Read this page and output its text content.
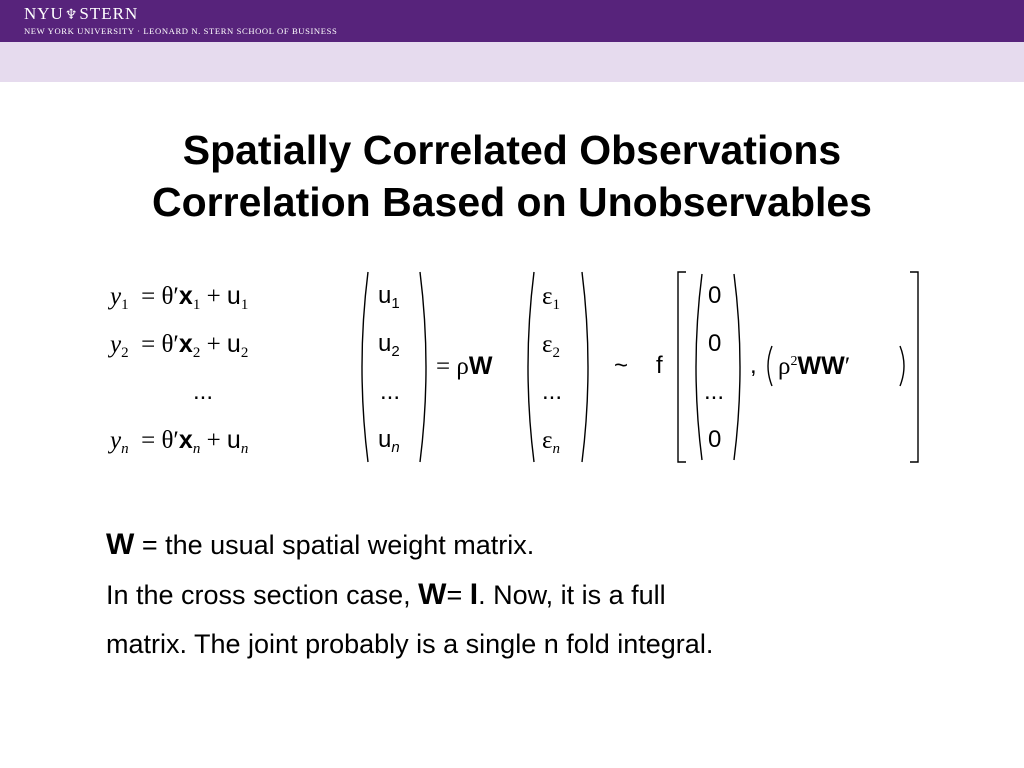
NYU♆STERN
NEW YORK UNIVERSITY · LEONARD N. STERN SCHOOL OF BUSINESS
Spatially Correlated Observations
Correlation Based on Unobservables
$y_1 = \theta'x_1 + u_1$
$y_2 = \theta'x_2 + u_2$
...
$y_n = \theta'x_n + u_n$
$u_1$
$u_2$
...
$u_n$
= ρW
$\varepsilon_1$
$\varepsilon_2$
...
$\varepsilon_n$
~ f
0
0
...
0
, $\rho^2WW'$
W = the usual spatial weight matrix.
In the cross section case, W= I. Now, it is a full
matrix. The joint probably is a single n fold integral.
